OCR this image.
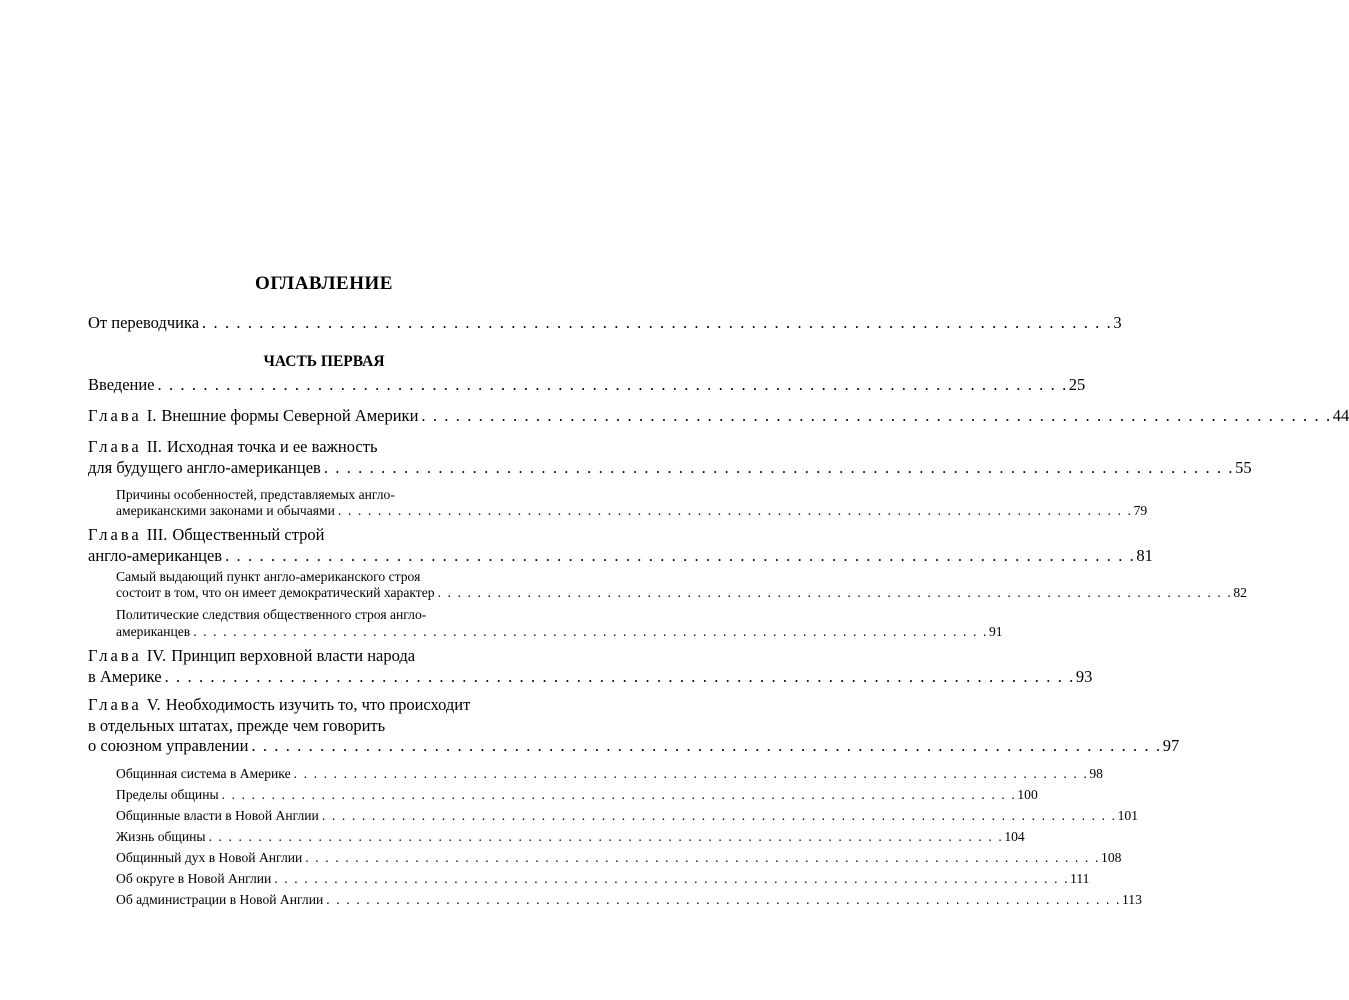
ОГЛАВЛЕНИЕ
От переводчика . . . . . . . . . . . . . . . . . . . . . . . . . . . . . . . . . . . . . . . . . . . . . . . . . . . . . . . . . . . . . . . . . . . . . . . . . . . . . . . . 3
ЧАСТЬ ПЕРВАЯ
Введение . . . . . . . . . . . . . . . . . . . . . . . . . . . . . . . . . . . . . . . . . . . . . . . . . . . . . . . . . . . . . . . . . . . . . . . . . . . . . . . . 25
Глава I. Внешние формы Северной Америки . . . . . . . . . . . . . . . . . . . . . . . . . . . . . . . . . . . . . . . . . . . . . . . . . . . . . . . . . . . . . . . . . . . . . . . . . . . . . . . . 44
Глава II. Исходная точка и ее важность
для будущего англо-американцев . . . . . . . . . . . . . . . . . . . . . . . . . . . . . . . . . . . . . . . . . . . . . . . . . . . . . . . . . . . . . . . . . . . . . . . . . . . . . . . . 55
Причины особенностей, представляемых англо-
американскими законами и обычаями . . . . . . . . . . . . . . . . . . . . . . . . . . . . . . . . . . . . . . . . . . . . . . . . . . . . . . . . . . . . . . . . . . . . . . . . . . . . . . . . 79
Глава III. Общественный строй
англо-американцев . . . . . . . . . . . . . . . . . . . . . . . . . . . . . . . . . . . . . . . . . . . . . . . . . . . . . . . . . . . . . . . . . . . . . . . . . . . . . . . . 81
Самый выдающий пункт англо-американского строя
состоит в том, что он имеет демократический характер . . . . . . . . . . . . . . . . . . . . . . . . . . . . . . . . . . . . . . . . . . . . . . . . . . . . . . . . . . . . . . . . . . . . . . . . . . . . . . . . 82
Политические следствия общественного строя англо-
американцев . . . . . . . . . . . . . . . . . . . . . . . . . . . . . . . . . . . . . . . . . . . . . . . . . . . . . . . . . . . . . . . . . . . . . . . . . . . . . . . . 91
Глава IV. Принцип верховной власти народа
в Америке . . . . . . . . . . . . . . . . . . . . . . . . . . . . . . . . . . . . . . . . . . . . . . . . . . . . . . . . . . . . . . . . . . . . . . . . . . . . . . . . 93
Глава V. Необходимость изучить то, что происходит
в отдельных штатах, прежде чем говорить
о союзном управлении . . . . . . . . . . . . . . . . . . . . . . . . . . . . . . . . . . . . . . . . . . . . . . . . . . . . . . . . . . . . . . . . . . . . . . . . . . . . . . . . 97
Общинная система в Америке . . . . . . . . . . . . . . . . . . . . . . . . . . . . . . . . . . . . . . . . . . . . . . . . . . . . . . . . . . . . . . . . . . . . . . . . . . . . . . . . 98
Пределы общины . . . . . . . . . . . . . . . . . . . . . . . . . . . . . . . . . . . . . . . . . . . . . . . . . . . . . . . . . . . . . . . . . . . . . . . . . . . . . . . . 100
Общинные власти в Новой Англии . . . . . . . . . . . . . . . . . . . . . . . . . . . . . . . . . . . . . . . . . . . . . . . . . . . . . . . . . . . . . . . . . . . . . . . . . . . . . . . . 101
Жизнь общины . . . . . . . . . . . . . . . . . . . . . . . . . . . . . . . . . . . . . . . . . . . . . . . . . . . . . . . . . . . . . . . . . . . . . . . . . . . . . . . . 104
Общинный дух в Новой Англии . . . . . . . . . . . . . . . . . . . . . . . . . . . . . . . . . . . . . . . . . . . . . . . . . . . . . . . . . . . . . . . . . . . . . . . . . . . . . . . . 108
Об округе в Новой Англии . . . . . . . . . . . . . . . . . . . . . . . . . . . . . . . . . . . . . . . . . . . . . . . . . . . . . . . . . . . . . . . . . . . . . . . . . . . . . . . . 111
Об администрации в Новой Англии . . . . . . . . . . . . . . . . . . . . . . . . . . . . . . . . . . . . . . . . . . . . . . . . . . . . . . . . . . . . . . . . . . . . . . . . . . . . . . . . 113
